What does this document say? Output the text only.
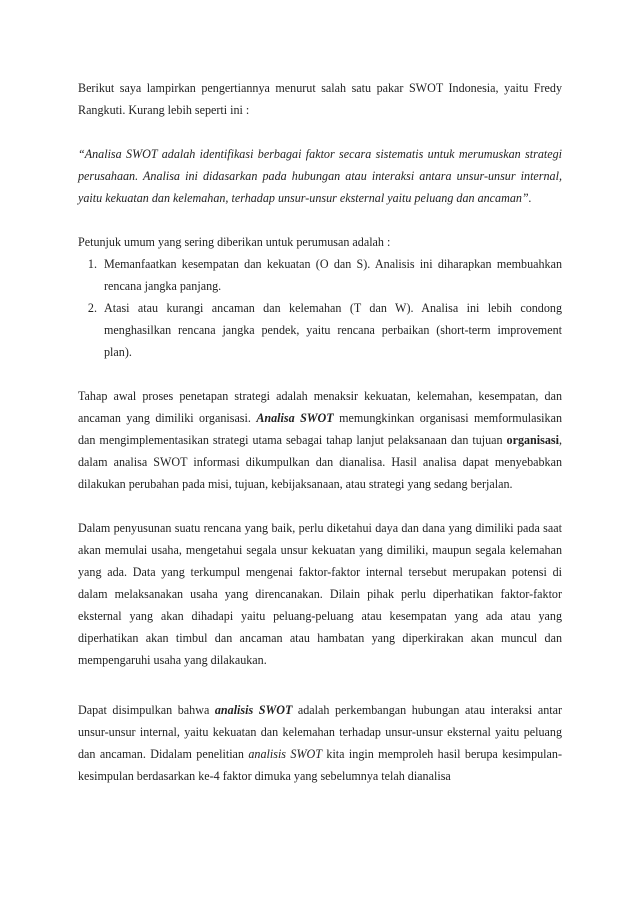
Berikut saya lampirkan pengertiannya menurut salah satu pakar SWOT Indonesia, yaitu Fredy Rangkuti. Kurang lebih seperti ini :

“Analisa SWOT adalah identifikasi berbagai faktor secara sistematis untuk merumuskan strategi perusahaan. Analisa ini didasarkan pada hubungan atau interaksi antara unsur-unsur internal, yaitu kekuatan dan kelemahan, terhadap unsur-unsur eksternal yaitu peluang dan ancaman”.

Petunjuk umum yang sering diberikan untuk perumusan adalah :

1. Memanfaatkan kesempatan dan kekuatan (O dan S). Analisis ini diharapkan membuahkan rencana jangka panjang.
2. Atasi atau kurangi ancaman dan kelemahan (T dan W). Analisa ini lebih condong menghasilkan rencana jangka pendek, yaitu rencana perbaikan (short-term improvement plan).

Tahap awal proses penetapan strategi adalah menaksir kekuatan, kelemahan, kesempatan, dan ancaman yang dimiliki organisasi. Analisa SWOT memungkinkan organisasi memformulasikan dan mengimplementasikan strategi utama sebagai tahap lanjut pelaksanaan dan tujuan organisasi, dalam analisa SWOT informasi dikumpulkan dan dianalisa. Hasil analisa dapat menyebabkan dilakukan perubahan pada misi, tujuan, kebijaksanaan, atau strategi yang sedang berjalan.

Dalam penyusunan suatu rencana yang baik, perlu diketahui daya dan dana yang dimiliki pada saat akan memulai usaha, mengetahui segala unsur kekuatan yang dimiliki, maupun segala kelemahan yang ada. Data yang terkumpul mengenai faktor-faktor internal tersebut merupakan potensi di dalam melaksanakan usaha yang direncanakan. Dilain pihak perlu diperhatikan faktor-faktor eksternal yang akan dihadapi yaitu peluang-peluang atau kesempatan yang ada atau yang diperhatikan akan timbul dan ancaman atau hambatan yang diperkirakan akan muncul dan mempengaruhi usaha yang dilakaukan.

Dapat disimpulkan bahwa analisis SWOT adalah perkembangan hubungan atau interaksi antar unsur-unsur internal, yaitu kekuatan dan kelemahan terhadap unsur-unsur eksternal yaitu peluang dan ancaman. Didalam penelitian analisis SWOT kita ingin memproleh hasil berupa kesimpulan-kesimpulan berdasarkan ke-4 faktor dimuka yang sebelumnya telah dianalisa
